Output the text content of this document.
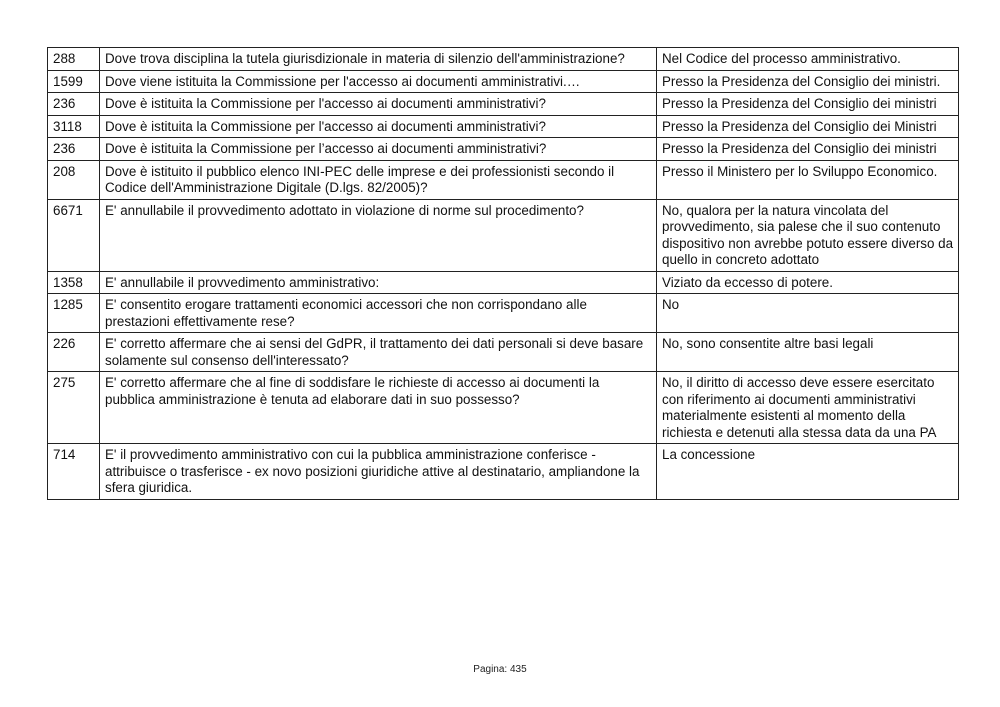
288	Dove trova disciplina la tutela giurisdizionale in materia di silenzio dell'amministrazione?	Nel Codice del processo amministrativo.
1599	Dove viene istituita la Commissione per l'accesso ai documenti amministrativi.…	Presso la Presidenza del Consiglio dei ministri.
236	Dove è istituita la Commissione per l'accesso ai documenti amministrativi?	Presso la Presidenza del Consiglio dei ministri
3118	Dove è istituita la Commissione per l'accesso ai documenti amministrativi?	Presso la Presidenza del Consiglio dei Ministri
236	Dove è istituita la Commissione per l’accesso ai documenti amministrativi?	Presso la Presidenza del Consiglio dei ministri
208	Dove è istituito il pubblico elenco INI-PEC delle imprese e dei professionisti secondo il Codice dell'Amministrazione Digitale (D.lgs. 82/2005)?	Presso il Ministero per lo Sviluppo Economico.
6671	E' annullabile il provvedimento adottato in violazione di norme sul procedimento?	No, qualora per la natura vincolata del provvedimento, sia palese che il suo contenuto dispositivo non avrebbe potuto essere diverso da quello in concreto adottato
1358	E' annullabile il provvedimento amministrativo:	Viziato da eccesso di potere.
1285	E' consentito erogare trattamenti economici accessori che non corrispondano alle prestazioni effettivamente rese?	No
226	E' corretto affermare che ai sensi del GdPR, il trattamento dei dati personali si deve basare solamente sul consenso dell'interessato?	No, sono consentite altre basi legali
275	E' corretto affermare che al fine di soddisfare le richieste di accesso ai documenti la pubblica amministrazione è tenuta ad elaborare dati in suo possesso?	No, il diritto di accesso deve essere esercitato con riferimento ai documenti amministrativi materialmente esistenti al momento della richiesta e detenuti alla stessa data da una PA
714	E' il provvedimento amministrativo con cui la pubblica amministrazione conferisce - attribuisce o trasferisce - ex novo posizioni giuridiche attive al destinatario, ampliandone la sfera giuridica.	La concessione
Pagina: 435
